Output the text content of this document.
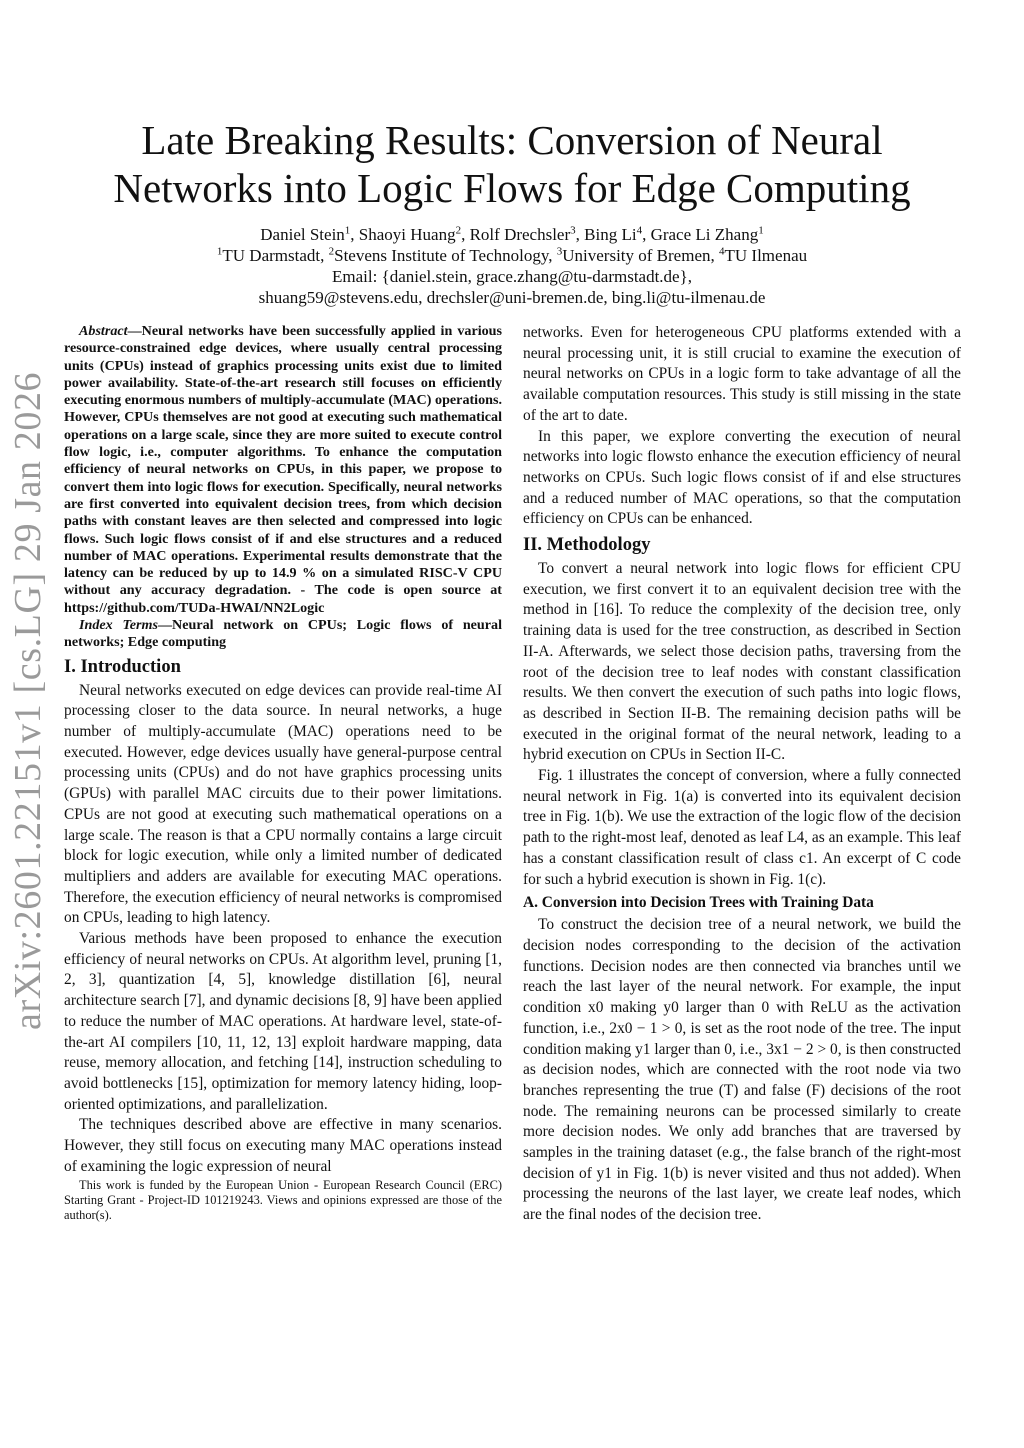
arXiv:2601.22151v1 [cs.LG] 29 Jan 2026
Late Breaking Results: Conversion of Neural
Networks into Logic Flows for Edge Computing
Daniel Stein$^1$, Shaoyi Huang$^2$, Rolf Drechsler$^3$, Bing Li$^4$, Grace Li Zhang$^1$
$^1$TU Darmstadt, $^2$Stevens Institute of Technology, $^3$University of Bremen, $^4$TU Ilmenau
Email: {daniel.stein, grace.zhang@tu-darmstadt.de},
shuang59@stevens.edu, drechsler@uni-bremen.de, bing.li@tu-ilmenau.de

Abstract—Neural networks have been successfully applied in various resource-constrained edge devices, where usually central processing units (CPUs) instead of graphics processing units exist due to limited power availability. State-of-the-art research still focuses on efficiently executing enormous numbers of multiply-accumulate (MAC) operations. However, CPUs themselves are not good at executing such mathematical operations on a large scale, since they are more suited to execute control flow logic, i.e., computer algorithms. To enhance the computation efficiency of neural networks on CPUs, in this paper, we propose to convert them into logic flows for execution. Specifically, neural networks are first converted into equivalent decision trees, from which decision paths with constant leaves are then selected and compressed into logic flows. Such logic flows consist of if and else structures and a reduced number of MAC operations. Experimental results demonstrate that the latency can be reduced by up to 14.9 % on a simulated RISC-V CPU without any accuracy degradation. - The code is open source at https://github.com/TUDa-HWAI/NN2Logic

Index Terms—Neural network on CPUs; Logic flows of neural networks; Edge computing

I. Introduction

Neural networks executed on edge devices can provide real-time AI processing closer to the data source. In neural networks, a huge number of multiply-accumulate (MAC) operations need to be executed. However, edge devices usually have general-purpose central processing units (CPUs) and do not have graphics processing units (GPUs) with parallel MAC circuits due to their power limitations. CPUs are not good at executing such mathematical operations on a large scale. The reason is that a CPU normally contains a large circuit block for logic execution, while only a limited number of dedicated multipliers and adders are available for executing MAC operations. Therefore, the execution efficiency of neural networks is compromised on CPUs, leading to high latency.

Various methods have been proposed to enhance the execution efficiency of neural networks on CPUs. At algorithm level, pruning [1, 2, 3], quantization [4, 5], knowledge distillation [6], neural architecture search [7], and dynamic decisions [8, 9] have been applied to reduce the number of MAC operations. At hardware level, state-of-the-art AI compilers [10, 11, 12, 13] exploit hardware mapping, data reuse, memory allocation, and fetching [14], instruction scheduling to avoid bottlenecks [15], optimization for memory latency hiding, loop-oriented optimizations, and parallelization.

The techniques described above are effective in many scenarios. However, they still focus on executing many MAC operations instead of examining the logic expression of neural

This work is funded by the European Union - European Research Council (ERC) Starting Grant - Project-ID 101219243. Views and opinions expressed are those of the author(s).

networks. Even for heterogeneous CPU platforms extended with a neural processing unit, it is still crucial to examine the execution of neural networks on CPUs in a logic form to take advantage of all the available computation resources. This study is still missing in the state of the art to date.

In this paper, we explore converting the execution of neural networks into logic flowsto enhance the execution efficiency of neural networks on CPUs. Such logic flows consist of if and else structures and a reduced number of MAC operations, so that the computation efficiency on CPUs can be enhanced.

II. Methodology

To convert a neural network into logic flows for efficient CPU execution, we first convert it to an equivalent decision tree with the method in [16]. To reduce the complexity of the decision tree, only training data is used for the tree construction, as described in Section II-A. Afterwards, we select those decision paths, traversing from the root of the decision tree to leaf nodes with constant classification results. We then convert the execution of such paths into logic flows, as described in Section II-B. The remaining decision paths will be executed in the original format of the neural network, leading to a hybrid execution on CPUs in Section II-C.

Fig. 1 illustrates the concept of conversion, where a fully connected neural network in Fig. 1(a) is converted into its equivalent decision tree in Fig. 1(b). We use the extraction of the logic flow of the decision path to the right-most leaf, denoted as leaf L4, as an example. This leaf has a constant classification result of class c1. An excerpt of C code for such a hybrid execution is shown in Fig. 1(c).

A. Conversion into Decision Trees with Training Data

To construct the decision tree of a neural network, we build the decision nodes corresponding to the decision of the activation functions. Decision nodes are then connected via branches until we reach the last layer of the neural network. For example, the input condition x0 making y0 larger than 0 with ReLU as the activation function, i.e., 2x0 − 1 > 0, is set as the root node of the tree. The input condition making y1 larger than 0, i.e., 3x1 − 2 > 0, is then constructed as decision nodes, which are connected with the root node via two branches representing the true (T) and false (F) decisions of the root node. The remaining neurons can be processed similarly to create more decision nodes. We only add branches that are traversed by samples in the training dataset (e.g., the false branch of the right-most decision of y1 in Fig. 1(b) is never visited and thus not added). When processing the neurons of the last layer, we create leaf nodes, which are the final nodes of the decision tree.
